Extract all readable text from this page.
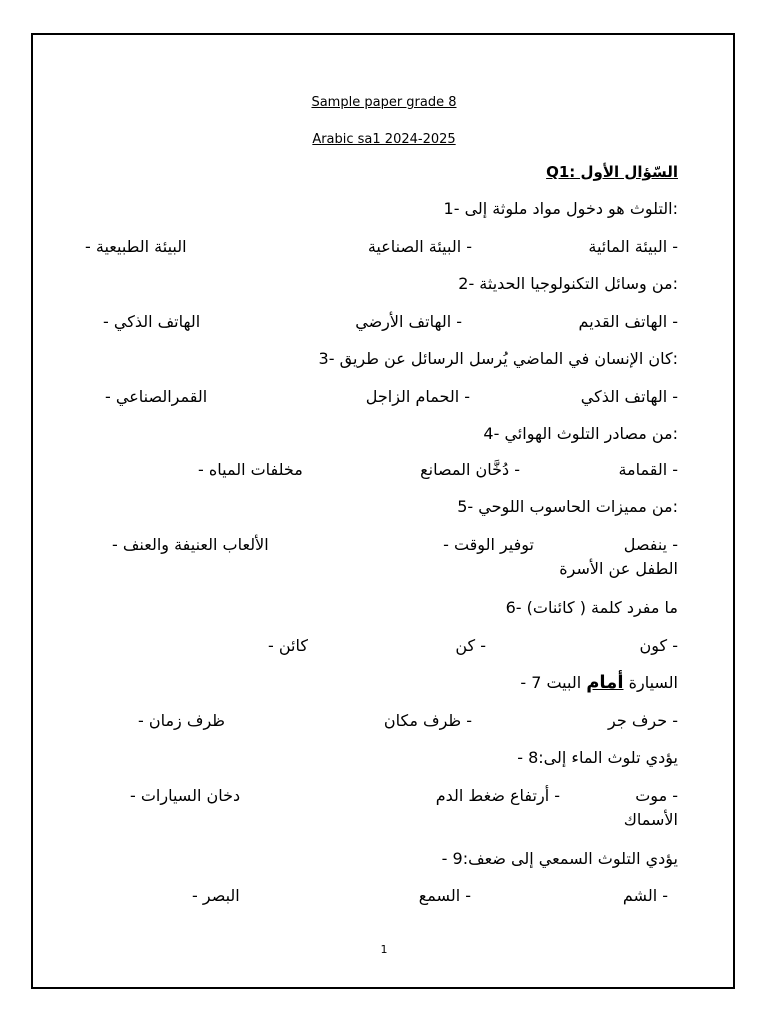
Sample paper grade 8
Arabic sa1 2024-2025
السّؤال الأول :Q1
:التلوث هو دخول مواد ملوثة إلى -1
- البيئة المائية
- البيئة الصناعية
البيئة الطبيعية -
:من وسائل التكنولوجيا الحديثة -2
- الهاتف القديم
- الهاتف الأرضي
الهاتف الذكي -
:كان الإنسان في الماضي يُرسل الرسائل عن طريق -3
- الهاتف الذكي
- الحمام الزاجل
القمرالصناعي -
:من مصادر التلوث الهوائي -4
- القمامة
- دُخَّان المصانع
مخلفات المياه -
:من مميزات الحاسوب اللوحي -5
- ينفصل
توفير الوقت -
الألعاب العنيفة والعنف -
الطفل عن الأسرة
ما مفرد كلمة ( كائنات) -6
- كون
- كن
كائن -
السيارة أمام البيت 7 -
- حرف جر
- ظرف مكان
ظرف زمان -
يؤدي تلوث الماء إلى:8 -
- موت
- أرتفاع ضغط الدم
دخان السيارات -
الأسماك
يؤدي التلوث السمعي إلى ضعف:9 -
- الشم
- السمع
البصر -
1
